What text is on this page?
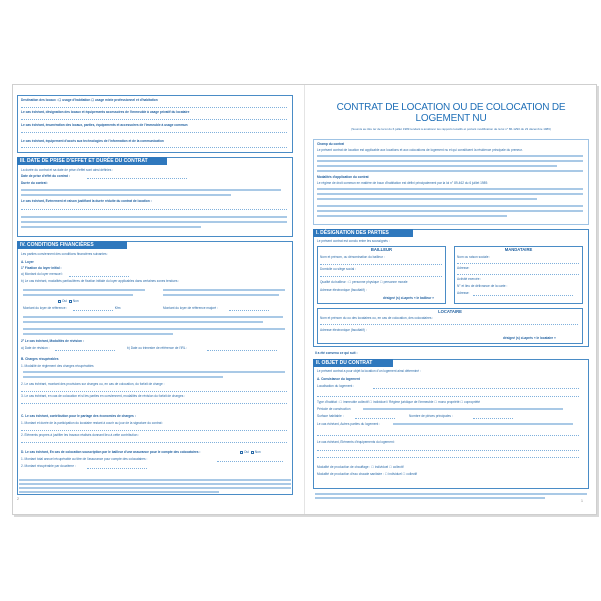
Destination des locaux : ☐ usage d'habitation ☐ usage mixte professionnel et d'habitation
Le cas échéant, désignation des locaux et équipements accessoires de l'immeuble à usage privatif du locataire
Le cas échéant, énumération des locaux, parties, équipements et accessoires de l'immeuble à usage commun
Le cas échéant, équipement d'accès aux technologies de l'information et de la communication
III. DATE DE PRISE D'EFFET ET DURÉE DU CONTRAT
La durée du contrat et sa date de prise d'effet sont ainsi définies :
Date de prise d'effet du contrat :
Durée du contrat :
Le cas échéant, Événement et raison justifiant la durée réduite du contrat de location :
IV. CONDITIONS FINANCIÈRES
Les parties conviennent des conditions financières suivantes :
A. Loyer
1° Fixation du loyer initial :
a) Montant du loyer mensuel :
b) Le cas échéant, modalités particulières de fixation initiale du loyer applicables dans certaines zones tendues :
Oui Non
Montant du loyer de référence :	€/m²	Montant du loyer de référence majoré :
2° Le cas échéant, Modalités de révision :
a) Date de révision :	b) Date ou trimestre de référence de l'IRL :
B. Charges récupérables
1. Modalité de règlement des charges récupérables
2. Le cas échéant, montant des provisions sur charges ou, en cas de colocation, du forfait de charge :
3. Le cas échéant, en cas de colocation et si les parties en conviennent, modalités de révision du forfait de charges :
C. Le cas échéant, contribution pour le partage des économies de charges :
1. Montant et durée de la participation du locataire restant à courir au jour de la signature du contrat :
2. Éléments propres à justifier les travaux réalisés donnant lieu à cette contribution :
D. Le cas échéant, En cas de colocation souscription par le bailleur d'une assurance pour le compte des colocataires :	Oui Non
1. Montant total annuel récupérable au titre de l'assurance pour compte des colocataires :
2. Montant récupérable par douzième :
2
CONTRAT DE LOCATION OU DE COLOCATION DE LOGEMENT NU
(Soumis au titre Ier de la loi du 6 juillet 1989 tendant à améliorer les rapports locatifs et portant modification de la loi n° 86-1290 du 23 décembre 1986)
Champ du contrat
Le présent contrat de location est applicable aux locations et aux colocations de logement nu et qui constituent la résidence principale du preneur.
Modalités d'application du contrat
Le régime de droit commun en matière de baux d'habitation est défini principalement par la loi n° 89-462 du 6 juillet 1989.
I. DÉSIGNATION DES PARTIES
Le présent contrat est conclu entre les soussignés :
BAILLEUR
Nom et prénom, ou dénomination du bailleur :
Domicile ou siège social :
Qualité du bailleur : ☐ personne physique ☐ personne morale
Adresse électronique (facultatif) :
désigné (s) ci-après « le bailleur »
MANDATAIRE
Nom ou raison sociale :
Adresse :
Activité exercée :
N° et lieu de délivrance de la carte :
Adresse :
LOCATAIRE
Nom et prénom du ou des locataires ou, en cas de colocation, des colocataires :
Adresse électronique (facultatif) :
désigné (s) ci-après « le locataire »
Il a été convenu ce qui suit :
II. OBJET DU CONTRAT
Le présent contrat a pour objet la location d'un logement ainsi déterminé :
A. Consistance du logement
Localisation du logement :
Type d'habitat : ☐ immeuble collectif ☐ individuel / Régime juridique de l'immeuble ☐ mono propriété ☐ copropriété
Période de construction
Surface habitable :	Nombre de pièces principales :
Le cas échéant, Autres parties du logement :
Le cas échéant, Éléments d'équipements du logement :
Modalité de production de chauffage : ☐ individuel ☐ collectif
Modalité de production d'eau chaude sanitaire : ☐ individuel ☐ collectif
1
